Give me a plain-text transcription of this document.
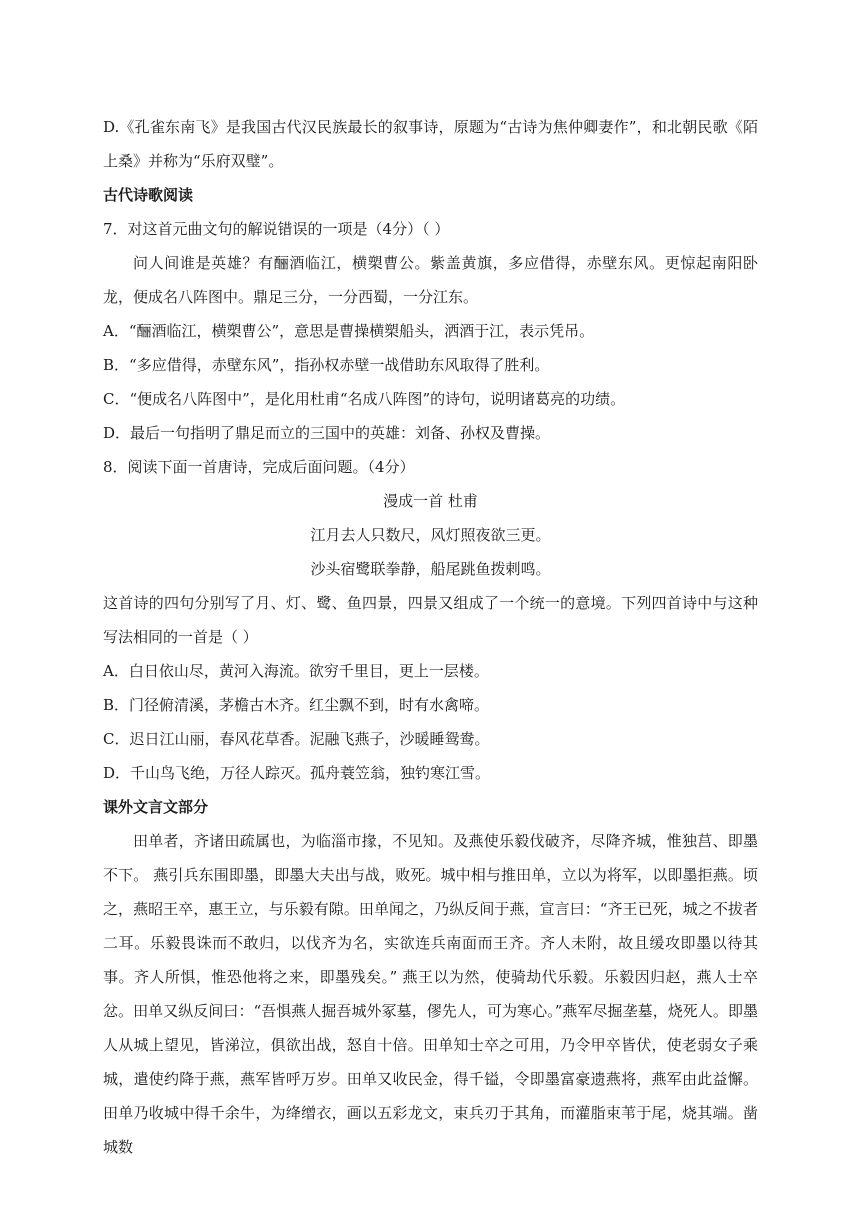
D.《孔雀东南飞》是我国古代汉民族最长的叙事诗，原题为“古诗为焦仲卿妻作”，和北朝民歌《陌上桑》并称为“乐府双璧”。

古代诗歌阅读

7．对这首元曲文句的解说错误的一项是（4分）（ ）

问人间谁是英雄？有酾酒临江，横槊曹公。紫盖黄旗，多应借得，赤壁东风。更惊起南阳卧龙，便成名八阵图中。鼎足三分，一分西蜀，一分江东。

A．“酾酒临江，横槊曹公”，意思是曹操横槊船头，洒酒于江，表示凭吊。

B．“多应借得，赤壁东风”，指孙权赤壁一战借助东风取得了胜利。

C．“便成名八阵图中”，是化用杜甫“名成八阵图”的诗句，说明诸葛亮的功绩。

D．最后一句指明了鼎足而立的三国中的英雄：刘备、孙权及曹操。

8．阅读下面一首唐诗，完成后面问题。（4分）

漫成一首 杜甫

江月去人只数尺，风灯照夜欲三更。

沙头宿鹭联拳静，船尾跳鱼拨剌鸣。

这首诗的四句分别写了月、灯、鹭、鱼四景，四景又组成了一个统一的意境。下列四首诗中与这种写法相同的一首是（ ）

A．白日依山尽，黄河入海流。欲穷千里目，更上一层楼。

B．门径俯清溪，茅檐古木齐。红尘飘不到，时有水禽啼。

C．迟日江山丽，春风花草香。泥融飞燕子，沙暖睡鸳鸯。

D．千山鸟飞绝，万径人踪灭。孤舟蓑笠翁，独钓寒江雪。

课外文言文部分

田单者，齐诸田疏属也，为临淄市掾，不见知。及燕使乐毅伐破齐，尽降齐城，惟独莒、即墨不下。 燕引兵东围即墨，即墨大夫出与战，败死。城中相与推田单，立以为将军，以即墨拒燕。顷之，燕昭王卒，惠王立，与乐毅有隙。田单闻之，乃纵反间于燕，宣言曰：“齐王已死，城之不拔者二耳。乐毅畏诛而不敢归，以伐齐为名，实欲连兵南面而王齐。齐人未附，故且缓攻即墨以待其事。齐人所惧，惟恐他将之来，即墨残矣。” 燕王以为然，使骑劫代乐毅。乐毅因归赵，燕人士卒忿。田单又纵反间曰：“吾惧燕人掘吾城外冢墓，僇先人，可为寒心。”燕军尽掘垄墓，烧死人。即墨人从城上望见，皆涕泣，俱欲出战，怒自十倍。田单知士卒之可用，乃令甲卒皆伏，使老弱女子乘城，遣使约降于燕，燕军皆呼万岁。田单又收民金，得千镒，令即墨富豪遗燕将，燕军由此益懈。田单乃收城中得千余牛，为绛缯衣，画以五彩龙文，束兵刃于其角，而灌脂束苇于尾，烧其端。凿城数
